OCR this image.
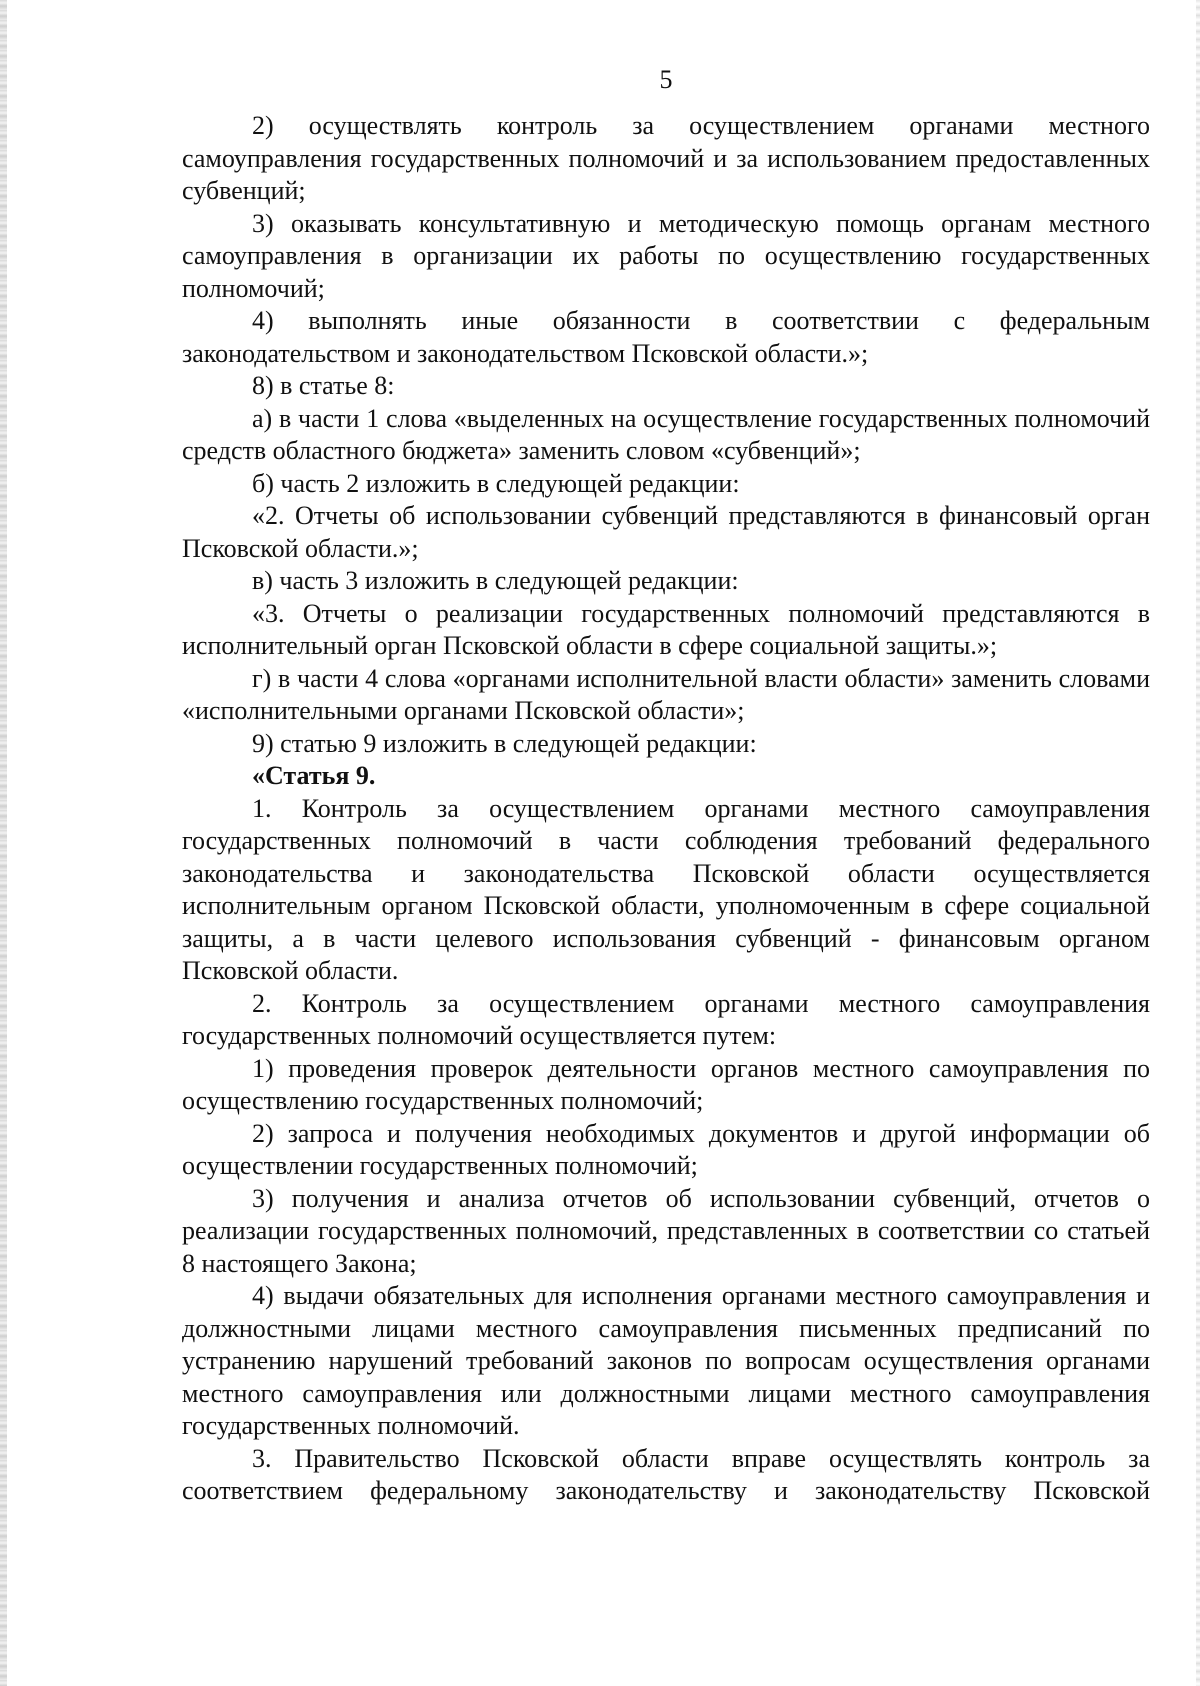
5

2) осуществлять контроль за осуществлением органами местного самоуправления государственных полномочий и за использованием предоставленных субвенций;

3) оказывать консультативную и методическую помощь органам местного самоуправления в организации их работы по осуществлению государственных полномочий;

4) выполнять иные обязанности в соответствии с федеральным законодательством и законодательством Псковской области.»;

8) в статье 8:

а) в части 1 слова «выделенных на осуществление государственных полномочий средств областного бюджета» заменить словом «субвенций»;

б) часть 2 изложить в следующей редакции:

«2. Отчеты об использовании субвенций представляются в финансовый орган Псковской области.»;

в) часть 3 изложить в следующей редакции:

«3. Отчеты о реализации государственных полномочий представляются в исполнительный орган Псковской области в сфере социальной защиты.»;

г) в части 4 слова «органами исполнительной власти области» заменить словами «исполнительными органами Псковской области»;

9) статью 9 изложить в следующей редакции:

«Статья 9.

1. Контроль за осуществлением органами местного самоуправления государственных полномочий в части соблюдения требований федерального законодательства и законодательства Псковской области осуществляется исполнительным органом Псковской области, уполномоченным в сфере социальной защиты, а в части целевого использования субвенций - финансовым органом Псковской области.

2. Контроль за осуществлением органами местного самоуправления государственных полномочий осуществляется путем:

1) проведения проверок деятельности органов местного самоуправления по осуществлению государственных полномочий;

2) запроса и получения необходимых документов и другой информации об осуществлении государственных полномочий;

3) получения и анализа отчетов об использовании субвенций, отчетов о реализации государственных полномочий, представленных в соответствии со статьей 8 настоящего Закона;

4) выдачи обязательных для исполнения органами местного самоуправления и должностными лицами местного самоуправления письменных предписаний по устранению нарушений требований законов по вопросам осуществления органами местного самоуправления или должностными лицами местного самоуправления государственных полномочий.

3. Правительство Псковской области вправе осуществлять контроль за соответствием федеральному законодательству и законодательству Псковской
